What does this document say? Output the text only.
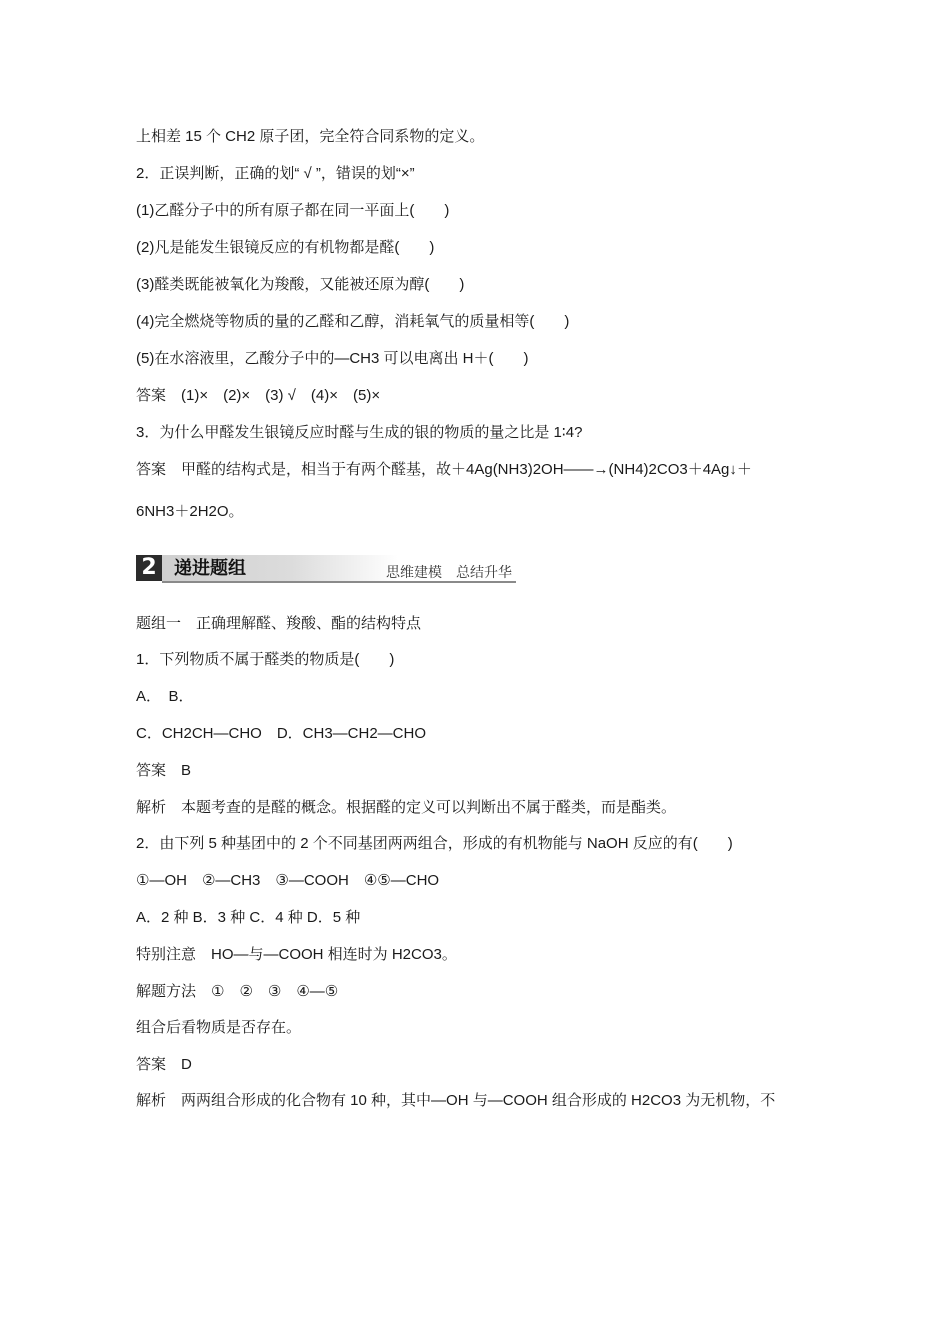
上相差 15 个 CH2 原子团，完全符合同系物的定义。
2．正误判断，正确的划“ √ ”，错误的划“×”
(1)乙醛分子中的所有原子都在同一平面上(　　)
(2)凡是能发生银镜反应的有机物都是醛(　　)
(3)醛类既能被氧化为羧酸，又能被还原为醇(　　)
(4)完全燃烧等物质的量的乙醛和乙醇，消耗氧气的质量相等(　　)
(5)在水溶液里，乙酸分子中的—CH3 可以电离出 H＋(　　)
答案　(1)×　(2)×　(3) √　(4)×　(5)×
3．为什么甲醛发生银镜反应时醛与生成的银的物质的量之比是 1∶4?
答案　甲醛的结构式是，相当于有两个醛基，故＋4Ag(NH3)2OH――→(NH4)2CO3＋4Ag↓＋
6NH3＋2H2O。
2 递进题组	思维建模　总结升华
题组一　正确理解醛、羧酸、酯的结构特点
1．下列物质不属于醛类的物质是(　　)
A．　B．
C．CH2CH—CHO　D．CH3—CH2—CHO
答案　B
解析　本题考查的是醛的概念。根据醛的定义可以判断出不属于醛类，而是酯类。
2．由下列 5 种基团中的 2 个不同基团两两组合，形成的有机物能与 NaOH 反应的有(　　)
①—OH　②—CH3　③—COOH　④⑤—CHO
A．2 种 B．3 种 C．4 种 D．5 种
特别注意　HO—与—COOH 相连时为 H2CO3。
解题方法　①　②　③　④—⑤
组合后看物质是否存在。
答案　D
解析　两两组合形成的化合物有 10 种，其中—OH 与—COOH 组合形成的 H2CO3 为无机物，不
